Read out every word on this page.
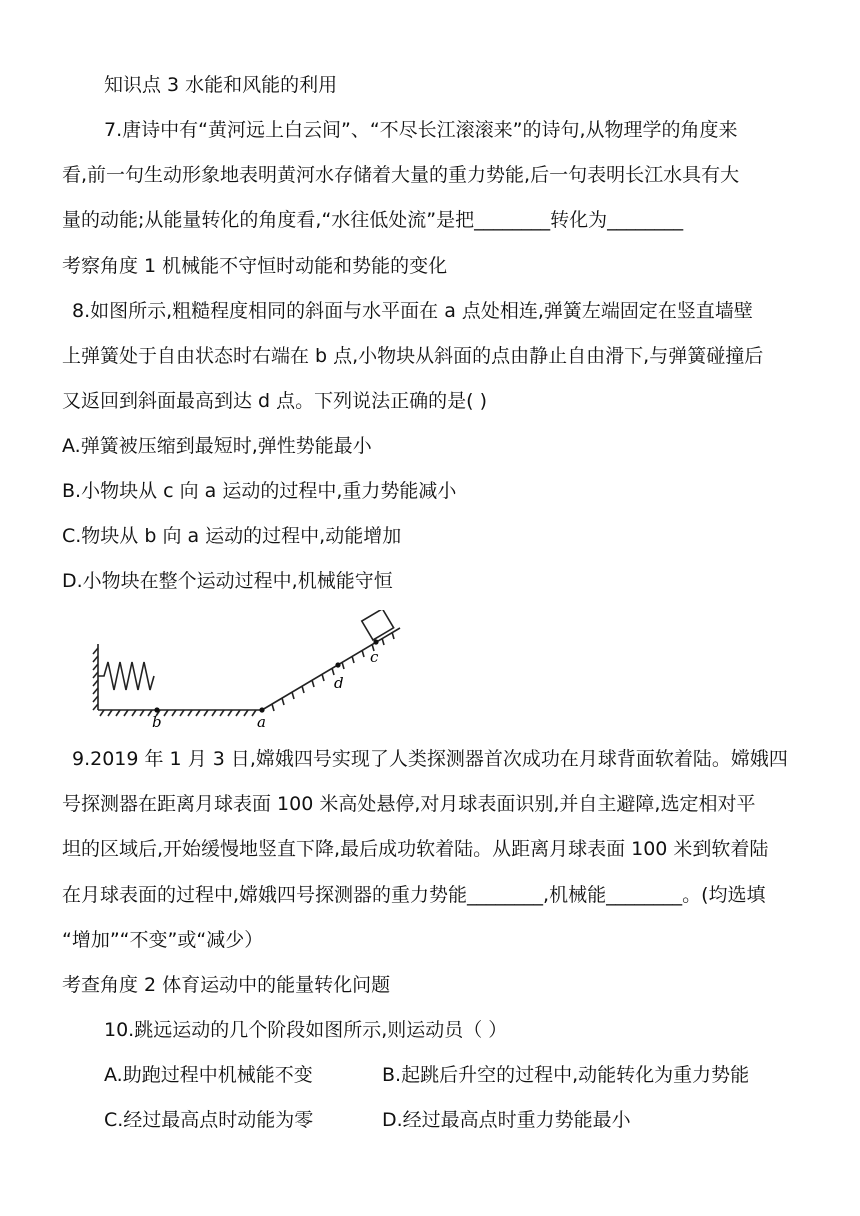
知识点 3 水能和风能的利用
7.唐诗中有“黄河远上白云间”、“不尽长江滚滚来”的诗句,从物理学的角度来
看,前一句生动形象地表明黄河水存储着大量的重力势能,后一句表明长江水具有大
量的动能;从能量转化的角度看,“水往低处流”是把________转化为________
考察角度 1 机械能不守恒时动能和势能的变化
8.如图所示,粗糙程度相同的斜面与水平面在 a 点处相连,弹簧左端固定在竖直墙壁
上弹簧处于自由状态时右端在 b 点,小物块从斜面的点由静止自由滑下,与弹簧碰撞后
又返回到斜面最高到达 d 点。下列说法正确的是( )
A.弹簧被压缩到最短时,弹性势能最小
B.小物块从 c 向 a 运动的过程中,重力势能减小
C.物块从 b 向 a 运动的过程中,动能增加
D.小物块在整个运动过程中,机械能守恒
a
b
d
c
9.2019 年 1 月 3 日,嫦娥四号实现了人类探测器首次成功在月球背面软着陆。嫦娥四
号探测器在距离月球表面 100 米高处悬停,对月球表面识别,并自主避障,选定相对平
坦的区域后,开始缓慢地竖直下降,最后成功软着陆。从距离月球表面 100 米到软着陆
在月球表面的过程中,嫦娥四号探测器的重力势能________,机械能________。(均选填
“增加”“不变”或“减少）
考查角度 2 体育运动中的能量转化问题
10.跳远运动的几个阶段如图所示,则运动员（ ）
A.助跑过程中机械能不变	B.起跳后升空的过程中,动能转化为重力势能
C.经过最高点时动能为零	D.经过最高点时重力势能最小
